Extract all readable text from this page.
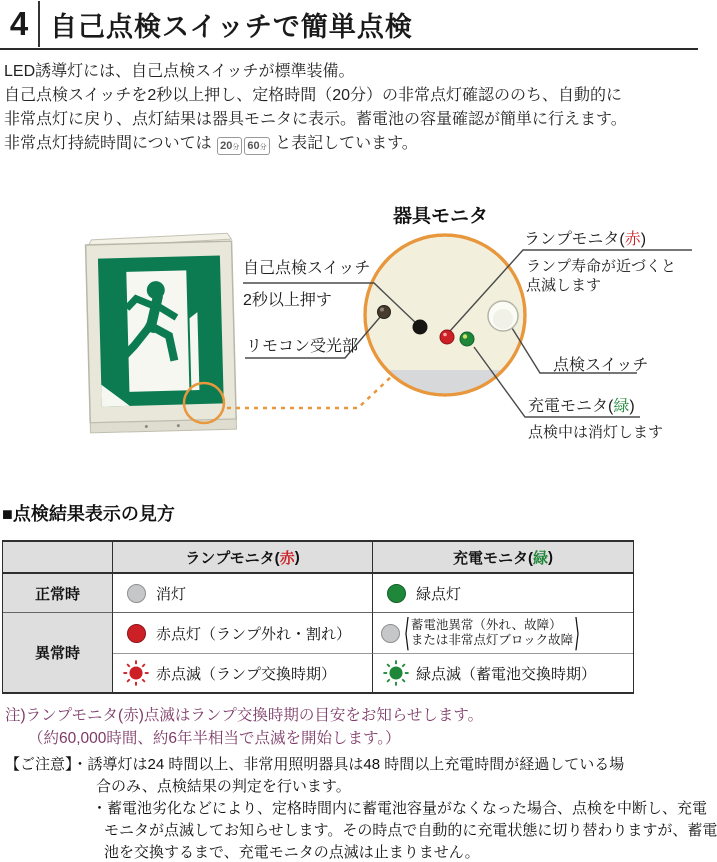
4 自己点検スイッチで簡単点検
LED誘導灯には、自己点検スイッチが標準装備。
自己点検スイッチを2秒以上押し、定格時間（20分）の非常点灯確認ののち、自動的に
非常点灯に戻り、点灯結果は器具モニタに表示。蓄電池の容量確認が簡単に行えます。
非常点灯持続時間については 20分 60分 と表記しています。
器具モニタ
自己点検スイッチ
2秒以上押す
リモコン受光部
ランプモニタ(赤)
ランプ寿命が近づくと
点滅します
点検スイッチ
充電モニタ(緑)
点検中は消灯します
■点検結果表示の見方
ランプモニタ( 赤 )	充電モニタ( 緑 )
正常時	消灯	緑点灯
異常時
赤点灯（ランプ外れ・割れ）	⟨ 蓄電池異常（外れ、故障）
または非常点灯ブロック故障 ⟩
赤点滅（ランプ交換時期）	緑点滅（蓄電池交換時期）
注)ランプモニタ(赤)点滅はランプ交換時期の目安をお知らせします。
（約60,000時間、約6年半相当で点滅を開始します。）
【ご注意】・誘導灯は24 時間以上、非常用照明器具は48 時間以上充電時間が経過している場
合のみ、点検結果の判定を行います。
・蓄電池劣化などにより、定格時間内に蓄電池容量がなくなった場合、点検を中断し、充電
モニタが点滅してお知らせします。その時点で自動的に充電状態に切り替わりますが、蓄電
池を交換するまで、充電モニタの点滅は止まりません。
